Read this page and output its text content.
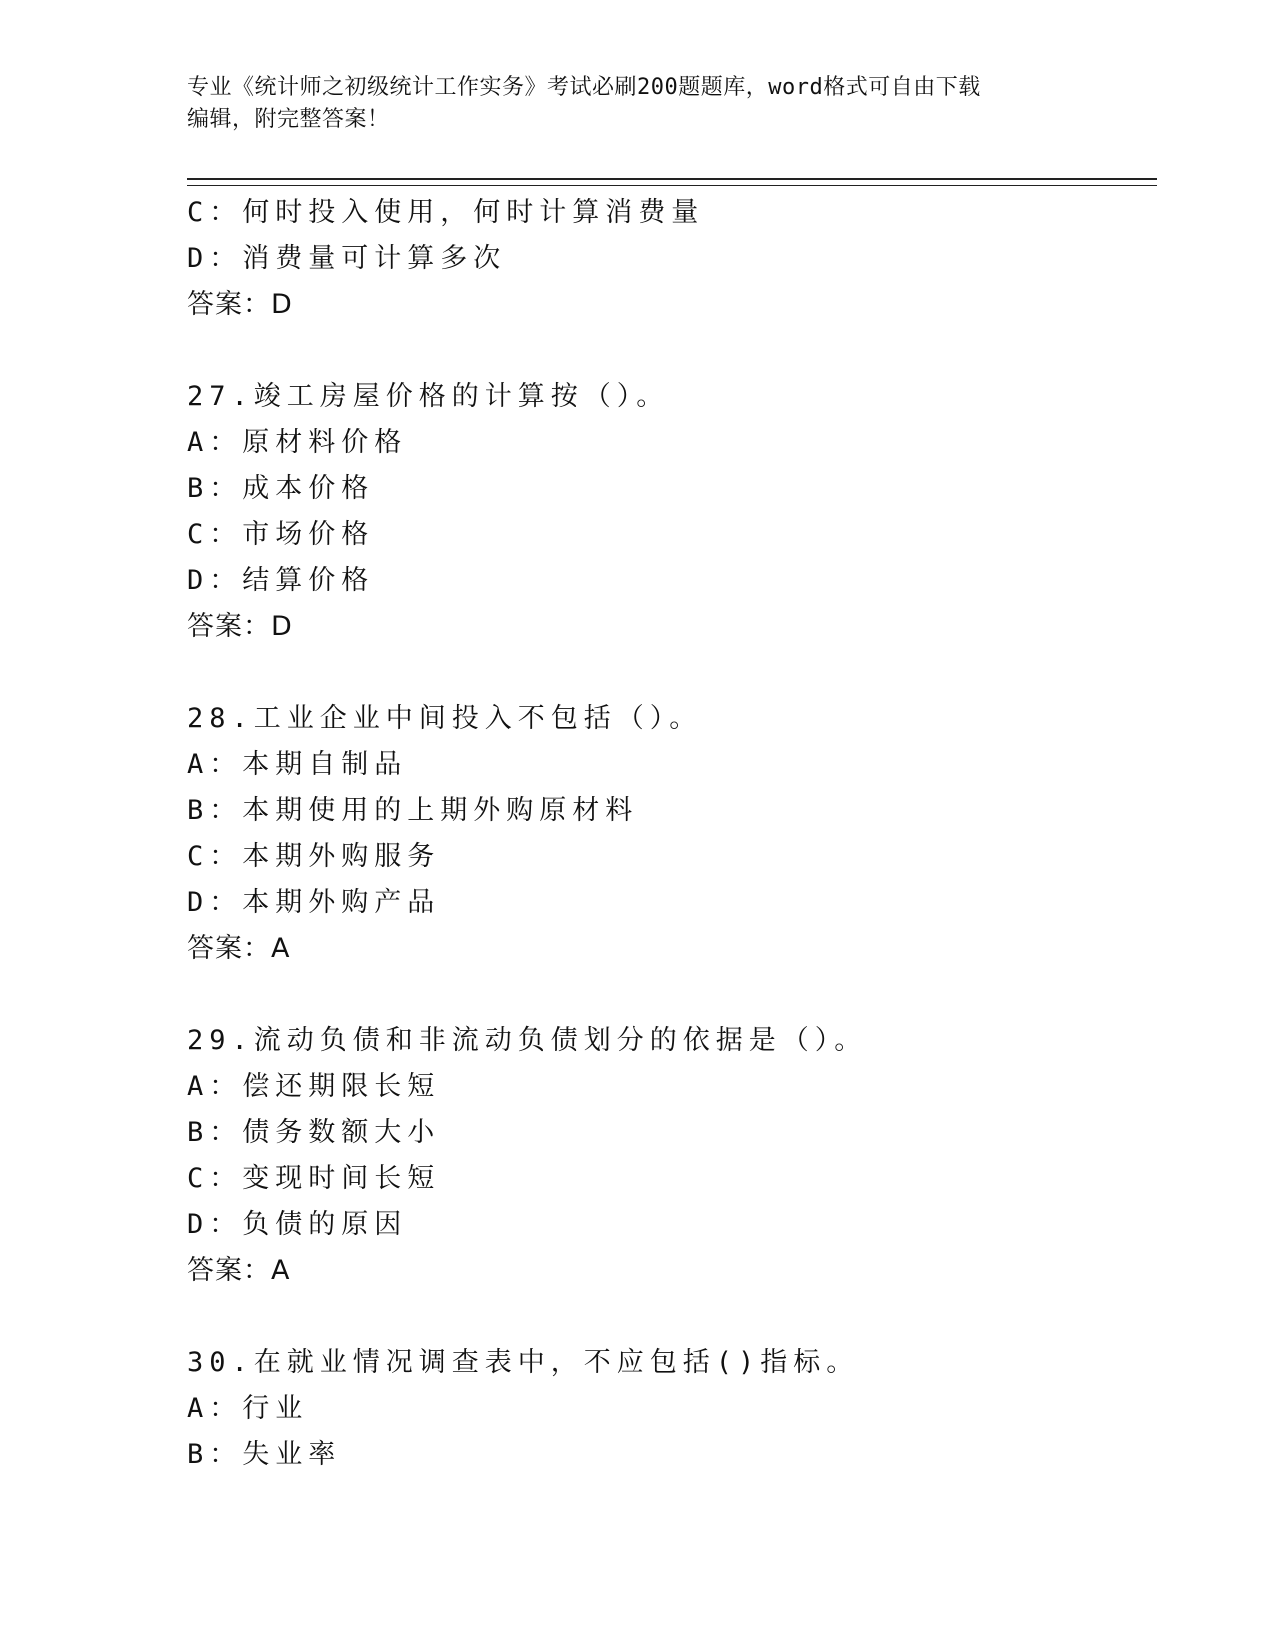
专业《统计师之初级统计工作实务》考试必刷200题题库，word格式可自由下载
编辑，附完整答案！
C：何时投入使用，何时计算消费量
D：消费量可计算多次
答案：D
27.竣工房屋价格的计算按（）。
A：原材料价格
B：成本价格
C：市场价格
D：结算价格
答案：D
28.工业企业中间投入不包括（）。
A：本期自制品
B：本期使用的上期外购原材料
C：本期外购服务
D：本期外购产品
答案：A
29.流动负债和非流动负债划分的依据是（）。
A：偿还期限长短
B：债务数额大小
C：变现时间长短
D：负债的原因
答案：A
30.在就业情况调查表中，不应包括()指标。
A：行业
B：失业率
